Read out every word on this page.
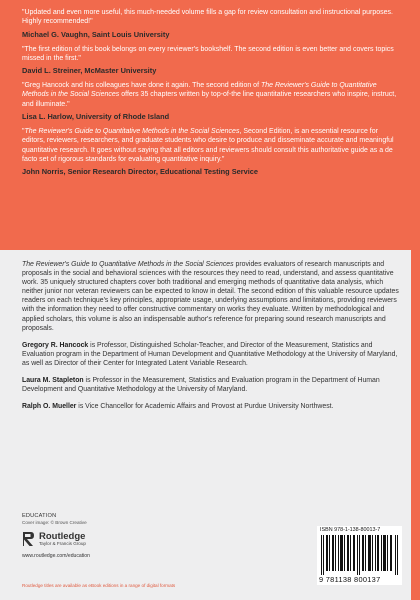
"Updated and even more useful, this much-needed volume fills a gap for review consultation and instructional purposes. Highly recommended!"

Michael G. Vaughn, Saint Louis University

"The first edition of this book belongs on every reviewer's bookshelf. The second edition is even better and covers topics missed in the first."

David L. Streiner, McMaster University

"Greg Hancock and his colleagues have done it again. The second edition of The Reviewer's Guide to Quantitative Methods in the Social Sciences offers 35 chapters written by top-of-the line quantitative researchers who inspire, instruct, and illuminate."

Lisa L. Harlow, University of Rhode Island

"The Reviewer's Guide to Quantitative Methods in the Social Sciences, Second Edition, is an essential resource for editors, reviewers, researchers, and graduate students who desire to produce and disseminate accurate and meaningful quantitative research. It goes without saying that all editors and reviewers should consult this authoritative guide as a de facto set of rigorous standards for evaluating quantitative inquiry."

John Norris, Senior Research Director, Educational Testing Service

The Reviewer's Guide to Quantitative Methods in the Social Sciences provides evaluators of research manuscripts and proposals in the social and behavioral sciences with the resources they need to read, understand, and assess quantitative work. 35 uniquely structured chapters cover both traditional and emerging methods of quantitative data analysis, which neither junior nor veteran reviewers can be expected to know in detail. The second edition of this valuable resource updates readers on each technique's key principles, appropriate usage, underlying assumptions and limitations, providing reviewers with the information they need to offer constructive commentary on works they evaluate. Written by methodological and applied scholars, this volume is also an indispensable author's reference for preparing sound research manuscripts and proposals.

Gregory R. Hancock is Professor, Distinguished Scholar-Teacher, and Director of the Measurement, Statistics and Evaluation program in the Department of Human Development and Quantitative Methodology at the University of Maryland, as well as Director of their Center for Integrated Latent Variable Research.

Laura M. Stapleton is Professor in the Measurement, Statistics and Evaluation program in the Department of Human Development and Quantitative Methodology at the University of Maryland.

Ralph O. Mueller is Vice Chancellor for Academic Affairs and Provost at Purdue University Northwest.

EDUCATION

Cover image: © Brown Creative

Routledge
Taylor & Francis Group

www.routledge.com/education

Routledge titles are available as eBook editions in a range of digital formats
ISBN 978-1-138-80013-7
9 781138 800137
